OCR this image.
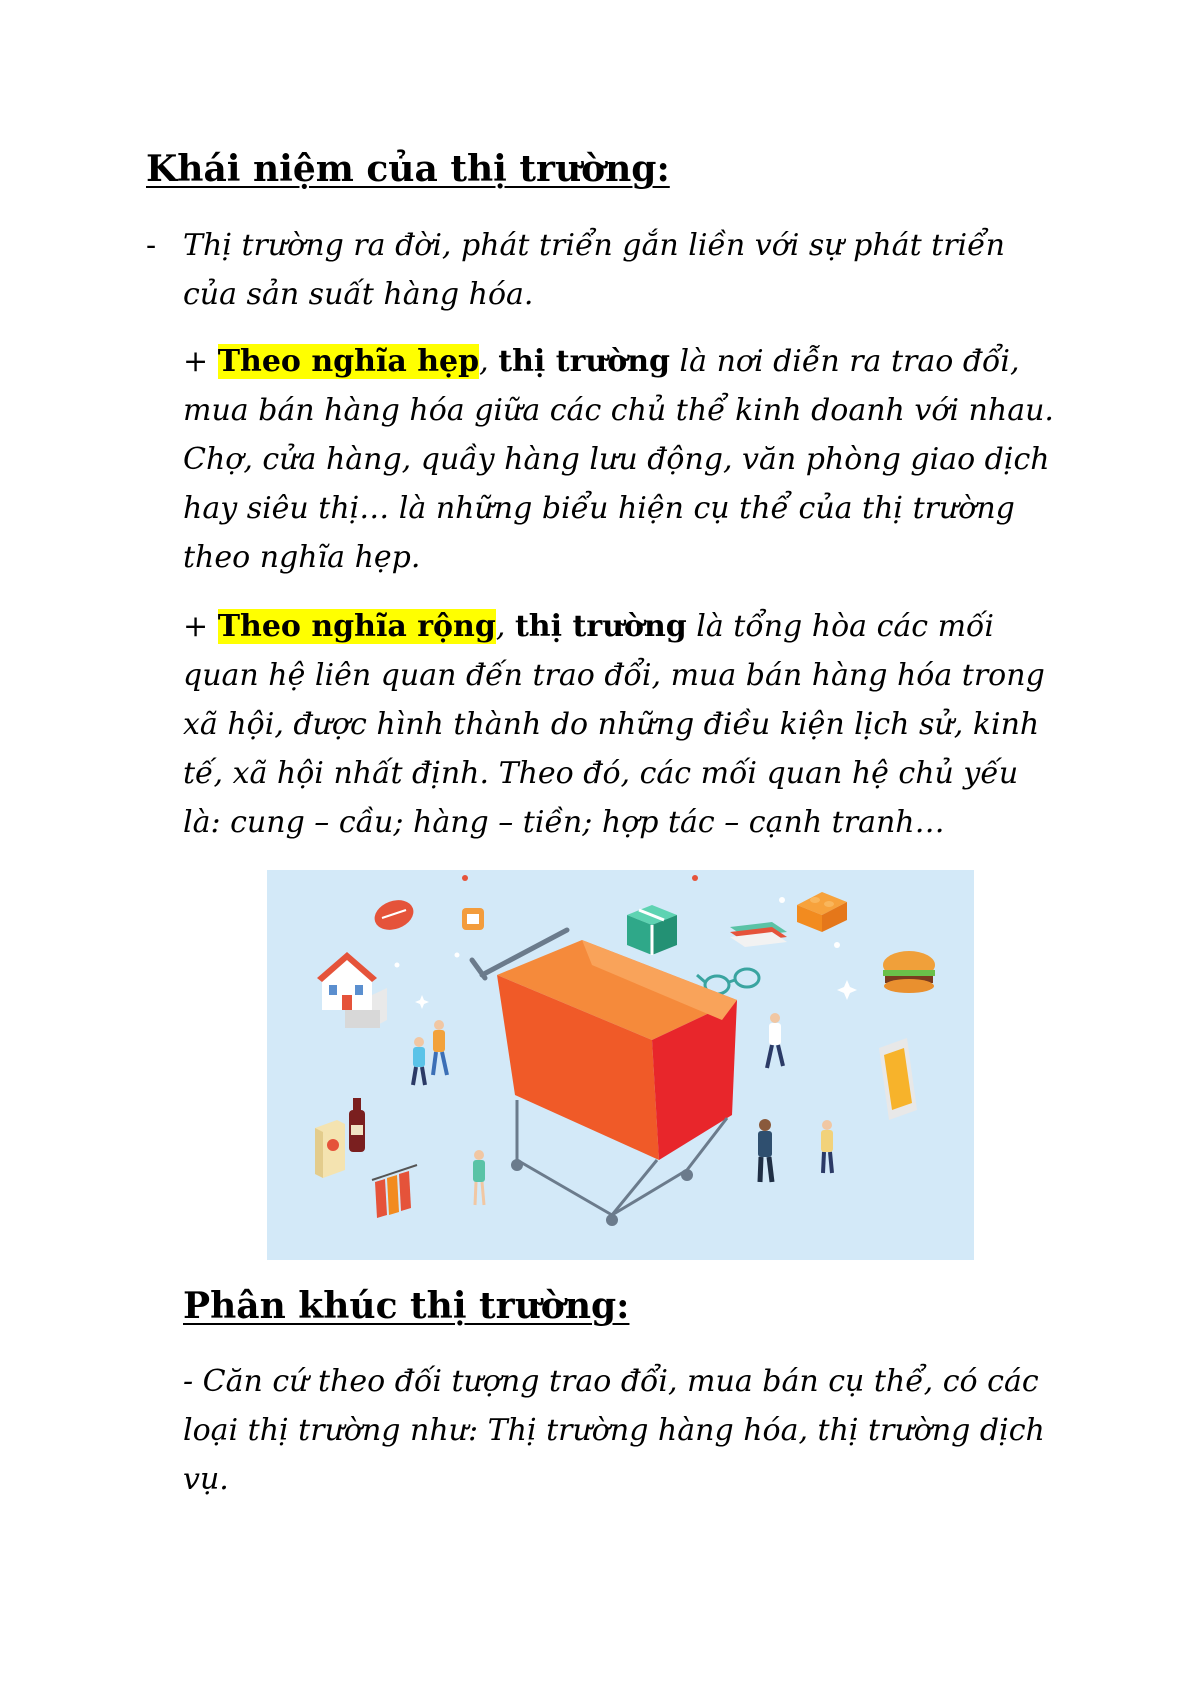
Khái niệm của thị trường:

- Thị trường ra đời, phát triển gắn liền với sự phát triển của sản suất hàng hóa.

+ Theo nghĩa hẹp, thị trường là nơi diễn ra trao đổi, mua bán hàng hóa giữa các chủ thể kinh doanh với nhau. Chợ, cửa hàng, quầy hàng lưu động, văn phòng giao dịch hay siêu thị… là những biểu hiện cụ thể của thị trường theo nghĩa hẹp.

+ Theo nghĩa rộng, thị trường là tổng hòa các mối quan hệ liên quan đến trao đổi, mua bán hàng hóa trong xã hội, được hình thành do những điều kiện lịch sử, kinh tế, xã hội nhất định. Theo đó, các mối quan hệ chủ yếu là: cung – cầu; hàng – tiền; hợp tác – cạnh tranh…

Phân khúc thị trường:

- Căn cứ theo đối tượng trao đổi, mua bán cụ thể, có các loại thị trường như: Thị trường hàng hóa, thị trường dịch vụ.
